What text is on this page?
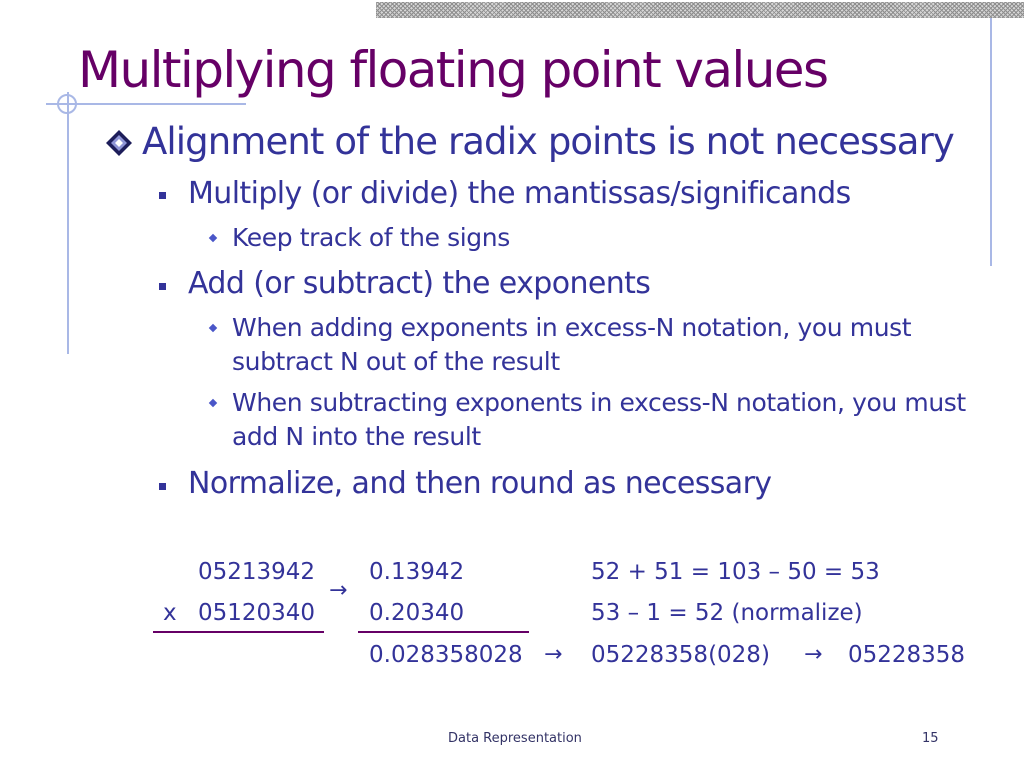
Multiplying floating point values
Alignment of the radix points is not necessary
Multiply (or divide) the mantissas/significands
Keep track of the signs
Add (or subtract) the exponents
When adding exponents in excess-N notation, you must
subtract N out of the result
When subtracting exponents in excess-N notation, you must
add N into the result
Normalize, and then round as necessary
05213942
x 05120340
→
0.13942
0.20340
0.028358028 →
52 + 51 = 103 – 50 = 53
53 – 1 = 52 (normalize)
05228358(028) → 05228358
Data Representation	15
